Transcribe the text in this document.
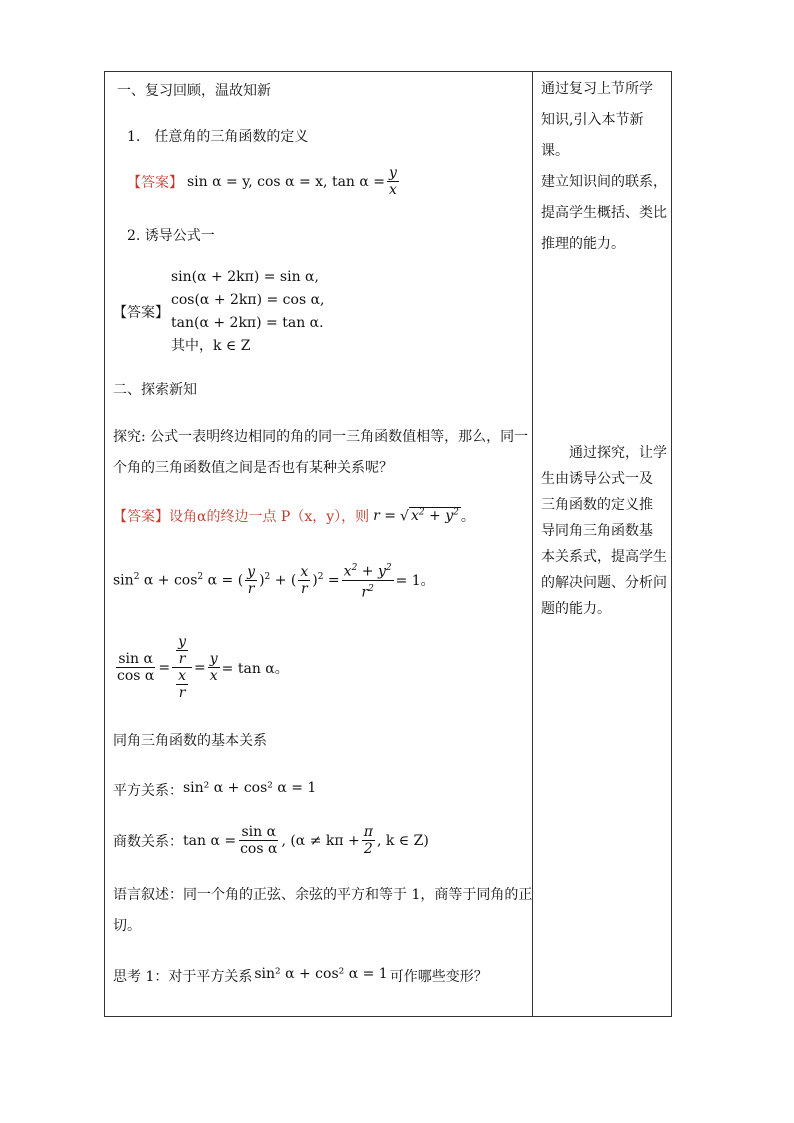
一、复习回顾，温故知新
1.　任意角的三角函数的定义
【答案】 sin α = y, cos α = x, $\tan \alpha = \frac{y}{x}$
2. 诱导公式一
【答案】
sin(α + 2kπ) = sin α,
cos(α + 2kπ) = cos α,
tan(α + 2kπ) = tan α.
其中，k ∈ Z
二、探索新知
探究: 公式一表明终边相同的角的同一三角函数值相等，那么，同一
个角的三角函数值之间是否也有某种关系呢？
【答案】 设角α的终边一点 P（x，y），则 r = √ $x^2 + y^2$ 。
$\sin^2 \alpha + \cos^2 \alpha$ = ( $\frac{y}{r} )^2$ + ( $\frac{x}{r} )^2 = \frac{x^2 + y^2}{r^2} = 1$。
$\frac{\text{sin α}}{\text{cos α}} = \frac{\frac{y}{r}}{\frac{x}{r}} = \frac{y}{x} = \tan \alpha$。
同角三角函数的基本关系
平方关系： sin² α + cos² α = 1
商数关系： $\tan \alpha = \frac{\text{sin α}}{\text{cos α}}$ , ($\alpha \ne k\pi + \frac{\pi}{2}$ , k ∈ Z)
语言叙述：同一个角的正弦、余弦的平方和等于 1，商等于同角的正
切。
思考 1：对于平方关系 sin² α + cos² α = 1 可作哪些变形？
通过复习上节所学
知识,引入本节新课。
建立知识间的联系，
提高学生概括、类比
推理的能力。
　　通过探究，让学
生由诱导公式一及
三角函数的定义推
导同角三角函数基
本关系式，提高学生
的解决问题、分析问
题的能力。
